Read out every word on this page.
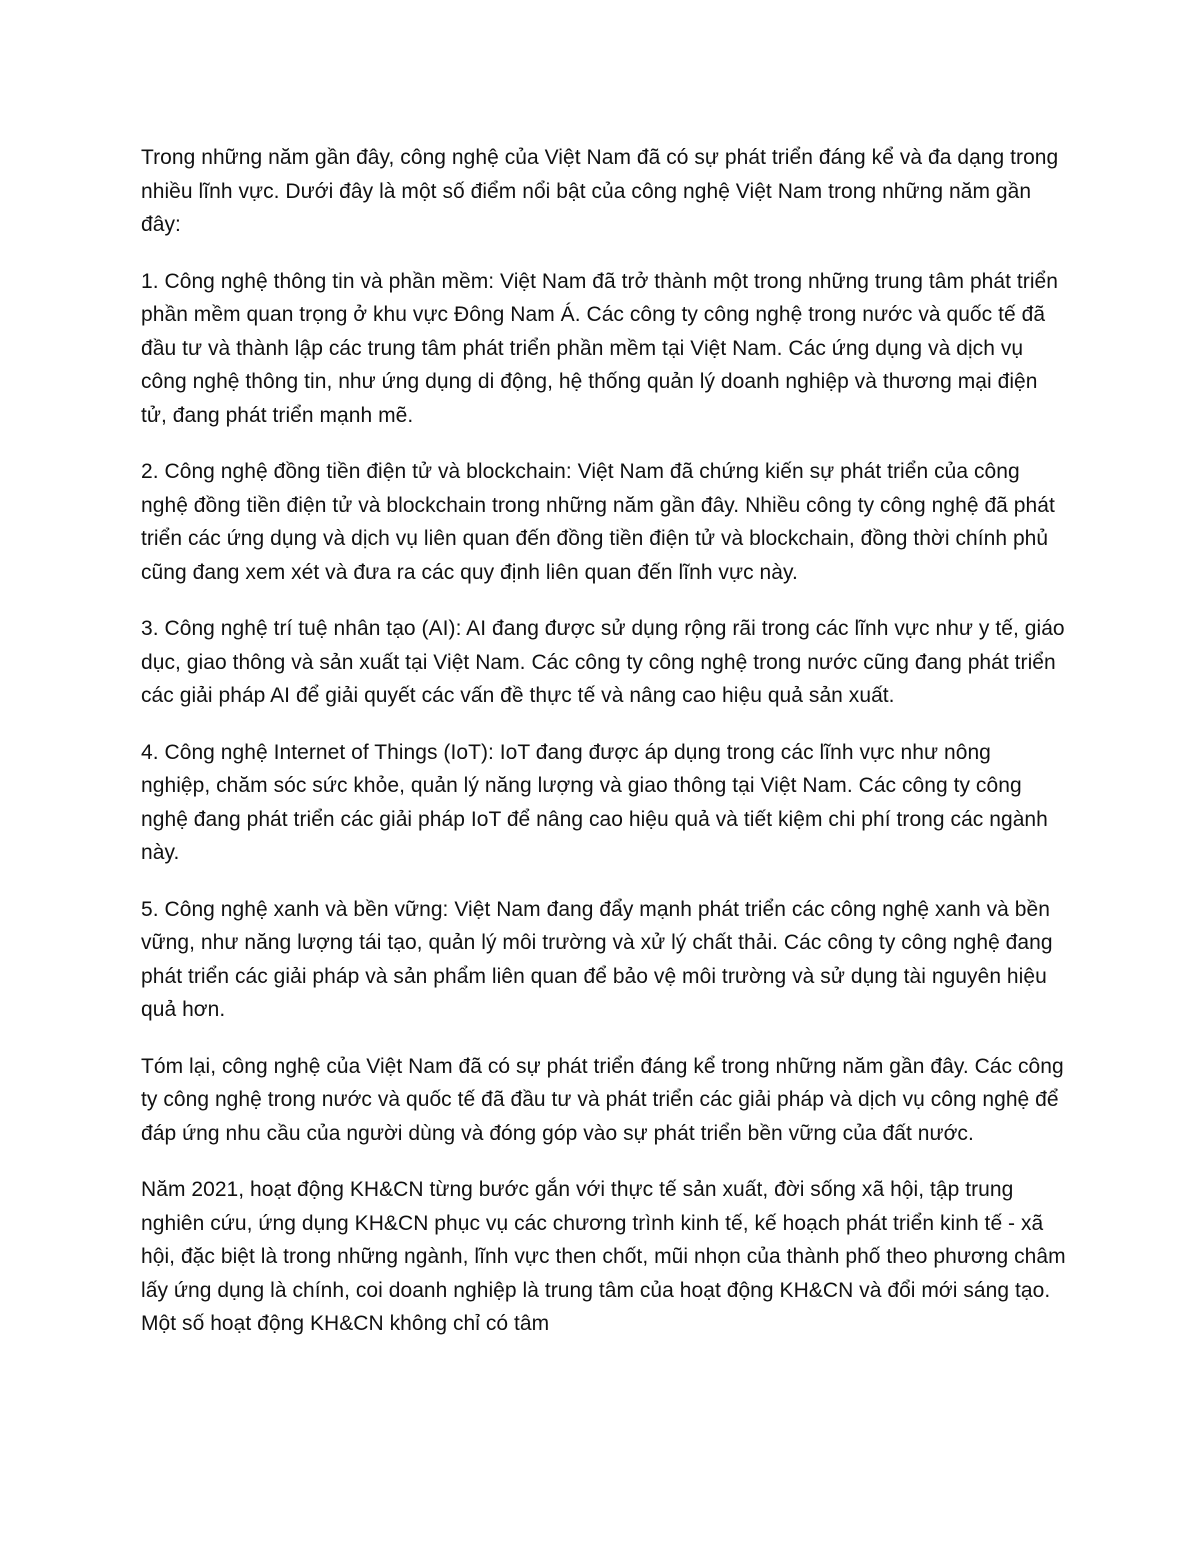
Trong những năm gần đây, công nghệ của Việt Nam đã có sự phát triển đáng kể và đa dạng trong nhiều lĩnh vực. Dưới đây là một số điểm nổi bật của công nghệ Việt Nam trong những năm gần đây:

1. Công nghệ thông tin và phần mềm: Việt Nam đã trở thành một trong những trung tâm phát triển phần mềm quan trọng ở khu vực Đông Nam Á. Các công ty công nghệ trong nước và quốc tế đã đầu tư và thành lập các trung tâm phát triển phần mềm tại Việt Nam. Các ứng dụng và dịch vụ công nghệ thông tin, như ứng dụng di động, hệ thống quản lý doanh nghiệp và thương mại điện tử, đang phát triển mạnh mẽ.

2. Công nghệ đồng tiền điện tử và blockchain: Việt Nam đã chứng kiến sự phát triển của công nghệ đồng tiền điện tử và blockchain trong những năm gần đây. Nhiều công ty công nghệ đã phát triển các ứng dụng và dịch vụ liên quan đến đồng tiền điện tử và blockchain, đồng thời chính phủ cũng đang xem xét và đưa ra các quy định liên quan đến lĩnh vực này.

3. Công nghệ trí tuệ nhân tạo (AI): AI đang được sử dụng rộng rãi trong các lĩnh vực như y tế, giáo dục, giao thông và sản xuất tại Việt Nam. Các công ty công nghệ trong nước cũng đang phát triển các giải pháp AI để giải quyết các vấn đề thực tế và nâng cao hiệu quả sản xuất.

4. Công nghệ Internet of Things (IoT): IoT đang được áp dụng trong các lĩnh vực như nông nghiệp, chăm sóc sức khỏe, quản lý năng lượng và giao thông tại Việt Nam. Các công ty công nghệ đang phát triển các giải pháp IoT để nâng cao hiệu quả và tiết kiệm chi phí trong các ngành này.

5. Công nghệ xanh và bền vững: Việt Nam đang đẩy mạnh phát triển các công nghệ xanh và bền vững, như năng lượng tái tạo, quản lý môi trường và xử lý chất thải. Các công ty công nghệ đang phát triển các giải pháp và sản phẩm liên quan để bảo vệ môi trường và sử dụng tài nguyên hiệu quả hơn.

Tóm lại, công nghệ của Việt Nam đã có sự phát triển đáng kể trong những năm gần đây. Các công ty công nghệ trong nước và quốc tế đã đầu tư và phát triển các giải pháp và dịch vụ công nghệ để đáp ứng nhu cầu của người dùng và đóng góp vào sự phát triển bền vững của đất nước.

Năm 2021, hoạt động KH&CN từng bước gắn với thực tế sản xuất, đời sống xã hội, tập trung nghiên cứu, ứng dụng KH&CN phục vụ các chương trình kinh tế, kế hoạch phát triển kinh tế - xã hội, đặc biệt là trong những ngành, lĩnh vực then chốt, mũi nhọn của thành phố theo phương châm lấy ứng dụng là chính, coi doanh nghiệp là trung tâm của hoạt động KH&CN và đổi mới sáng tạo. Một số hoạt động KH&CN không chỉ có tâm
